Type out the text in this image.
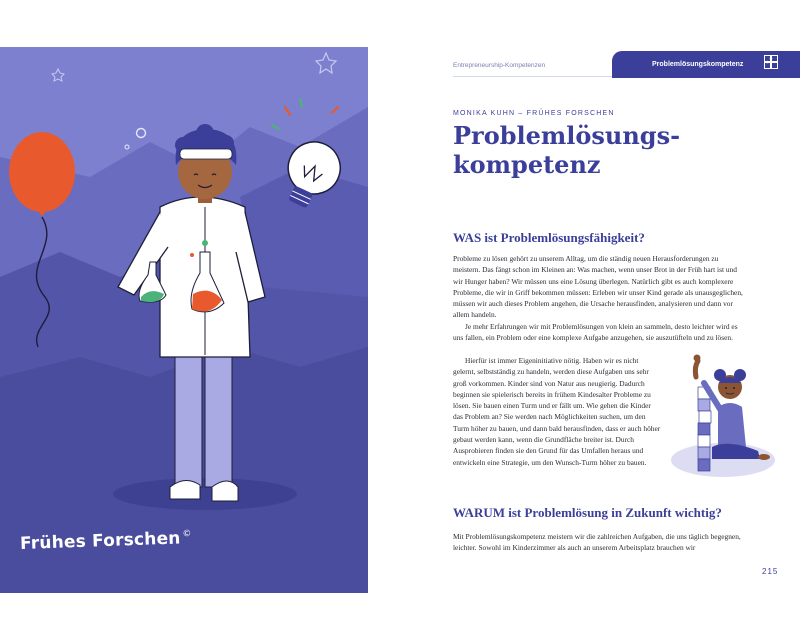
Frühes Forschen©
Entrepreneurship-Kompetenzen	Problemlösungskompetenz
MONIKA KUHN – FRÜHES FORSCHEN
Problemlösungs-
kompetenz
WAS ist Problemlösungsfähigkeit?

Probleme zu lösen gehört zu unserem Alltag, um die ständig neuen Herausforderungen zu meistern. Das fängt schon im Kleinen an: Was machen, wenn unser Brot in der Früh hart ist und wir Hunger haben? Wir müssen uns eine Lösung überlegen. Natürlich gibt es auch komplexere Probleme, die wir in Griff bekommen müssen: Erleben wir unser Kind gerade als unausgeglichen, müssen wir auch dieses Problem angehen, die Ursache herausfinden, analysieren und dann vor allem handeln.

Je mehr Erfahrungen wir mit Problemlösungen von klein an sammeln, desto leichter wird es uns fallen, ein Problem oder eine komplexe Aufgabe anzugehen, sie auszutüfteln und zu lösen.

Hierfür ist immer Eigeninitiative nötig. Haben wir es nicht gelernt, selbstständig zu handeln, werden diese Aufgaben uns sehr groß vorkommen. Kinder sind von Natur aus neugierig. Dadurch beginnen sie spielerisch bereits in frühem Kindesalter Probleme zu lösen. Sie bauen einen Turm und er fällt um. Wie gehen die Kinder das Problem an? Sie werden nach Möglichkeiten suchen, um den Turm höher zu bauen, und dann bald herausfinden, dass er auch höher gebaut werden kann, wenn die Grundfläche breiter ist. Durch Ausprobieren finden sie den Grund für das Umfallen heraus und entwickeln eine Strategie, um den Wunsch-Turm höher zu bauen.

WARUM ist Problemlösung in Zukunft wichtig?

Mit Problemlösungskompetenz meistern wir die zahlreichen Aufgaben, die uns täglich begegnen, leichter. Sowohl im Kinderzimmer als auch an unserem Arbeitsplatz brauchen wir

215
